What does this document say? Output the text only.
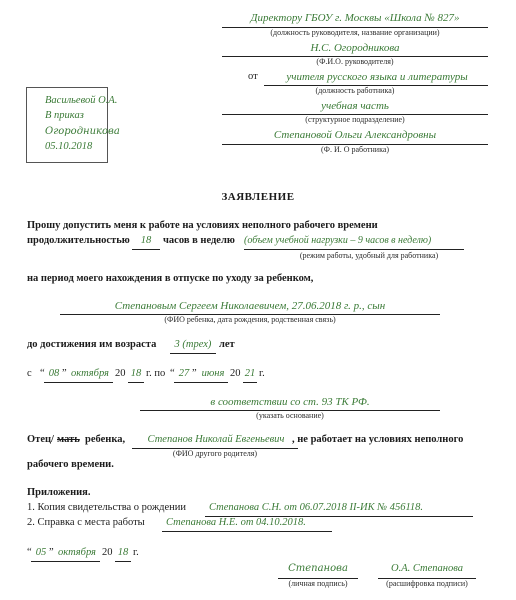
Директору ГБОУ г. Москвы «Школа № 827»
(должность руководителя, название организации)
Н.С. Огородникова
(Ф.И.О. руководителя)
от	учителя русского языка и литературы
(должность работника)
учебная часть
(структурное подразделение)
Степановой Ольги Александровны
(Ф. И. О работника)
Васильевой О.А.
В приказ
Огородникова
05.10.2018
ЗАЯВЛЕНИЕ
Прошу допустить меня к работе на условиях неполного рабочего времени
продолжительностью	18	часов в неделю (объем учебной нагрузки – 9 часов в неделю)
(режим работы, удобный для работника)
на период моего нахождения в отпуске по уходу за ребенком,
Степановым Сергеем Николаевичем, 27.06.2018 г. р., сын
(ФИО ребенка, дата рождения, родственная связь)
до достижения им возраста	3 (трех) лет
с “ 08 ” октября 20 18 г. по “ 27 ” июня 20 21 г.
в соответствии со ст. 93 ТК РФ.
(указать основание)
Отец/ мать ребенка,	Степанов Николай Евгеньевич , не работает на условиях неполного
(ФИО другого родителя)
рабочего времени.
Приложения.
1. Копия свидетельства о рождении Степанова С.Н. от 06.07.2018 II-ИК № 456118.
2. Справка с места работы Степанова Н.Е. от 04.10.2018.
“ 05 ” октября 20 18 г.
Степанова
(личная подпись)
О.А. Степанова
(расшифровка подписи)
